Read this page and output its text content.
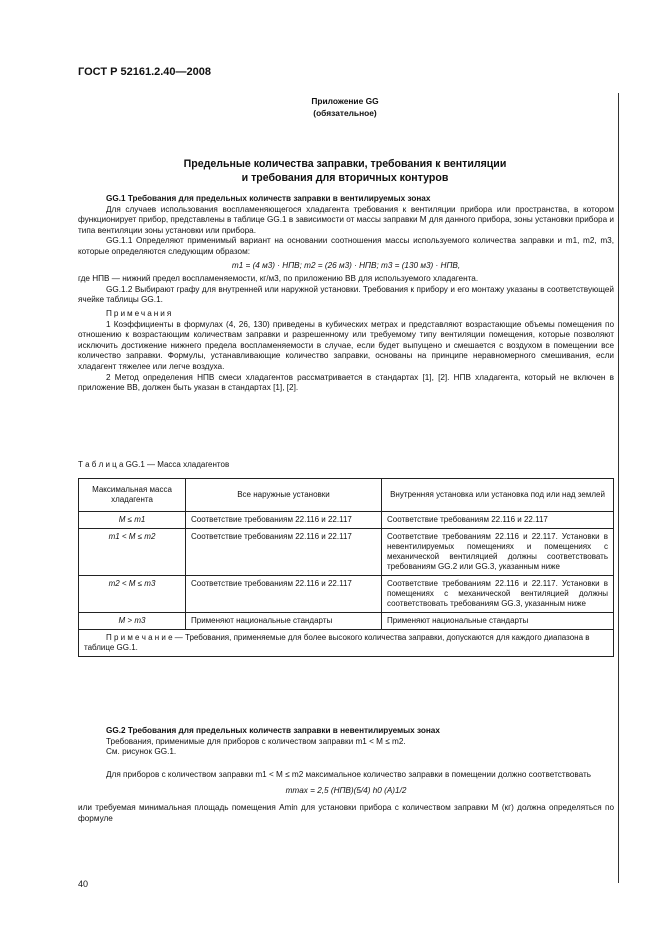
ГОСТ Р 52161.2.40—2008
Приложение GG
(обязательное)
Предельные количества заправки, требования к вентиляции
и требования для вторичных контуров
GG.1 Требования для предельных количеств заправки в вентилируемых зонах
Для случаев использования воспламеняющегося хладагента требования к вентиляции прибора или пространства, в котором функционирует прибор, представлены в таблице GG.1 в зависимости от массы заправки M для данного прибора, зоны установки прибора и типа вентиляции зоны установки или прибора.
GG.1.1 Определяют применимый вариант на основании соотношения массы используемого количества заправки и m1, m2, m3, которые определяются следующим образом:
m1 = (4 м3) · НПВ; m2 = (26 м3) · НПВ; m3 = (130 м3) · НПВ,
где НПВ — нижний предел воспламеняемости, кг/м3, по приложению ВВ для используемого хладагента.
GG.1.2 Выбирают графу для внутренней или наружной установки. Требования к прибору и его монтажу указаны в соответствующей ячейке таблицы GG.1.
Примечания
1 Коэффициенты в формулах (4, 26, 130) приведены в кубических метрах и представляют возрастающие объемы помещения по отношению к возрастающим количествам заправки и разрешенному или требуемому типу вентиляции помещения, которые позволяют исключить достижение нижнего предела воспламеняемости в случае, если будет выпущено и смешается с воздухом в помещении все количество заправки. Формулы, устанавливающие количество заправки, основаны на принципе неравномерного смешивания, если хладагент тяжелее или легче воздуха.
2 Метод определения НПВ смеси хладагентов рассматривается в стандартах [1], [2]. НПВ хладагента, который не включен в приложение ВВ, должен быть указан в стандартах [1], [2].
Т а б л и ц а GG.1 — Масса хладагентов
Максимальная масса хладагента	Все наружные установки	Внутренняя установка или установка под или над землей
M ≤ m1	Соответствие требованиям 22.116 и 22.117	Соответствие требованиям 22.116 и 22.117
m1 < M ≤ m2	Соответствие требованиям 22.116 и 22.117	Соответствие требованиям 22.116 и 22.117. Установки в невентилируемых помещениях и помещениях с механической вентиляцией должны соответствовать требованиям GG.2 или GG.3, указанным ниже
m2 < M ≤ m3	Соответствие требованиям 22.116 и 22.117	Соответствие требованиям 22.116 и 22.117. Установки в помещениях с механической вентиляцией должны соответствовать требованиям GG.3, указанным ниже
M > m3	Применяют национальные стандарты	Применяют национальные стандарты
П р и м е ч а н и е — Требования, применяемые для более высокого количества заправки, допускаются для каждого диапазона в таблице GG.1.		
GG.2 Требования для предельных количеств заправки в невентилируемых зонах
Требования, применимые для приборов с количеством заправки m1 < M ≤ m2.
См. рисунок GG.1.
Для приборов с количеством заправки m1 < M ≤ m2 максимальное количество заправки в помещении должно соответствовать
mmax = 2,5 (НПВ)(5/4) h0 (A)1/2
или требуемая минимальная площадь помещения Amin для установки прибора с количеством заправки M (кг) должна определяться по формуле
40
